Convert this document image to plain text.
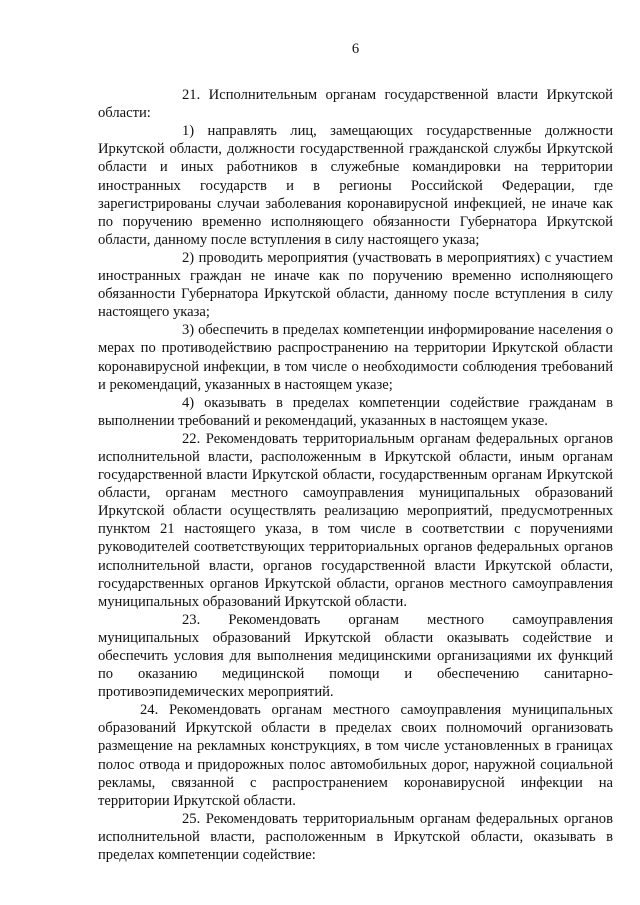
6

21. Исполнительным органам государственной власти Иркутской области:

1) направлять лиц, замещающих государственные должности Иркутской области, должности государственной гражданской службы Иркутской области и иных работников в служебные командировки на территории иностранных государств и в регионы Российской Федерации, где зарегистрированы случаи заболевания коронавирусной инфекцией, не иначе как по поручению временно исполняющего обязанности Губернатора Иркутской области, данному после вступления в силу настоящего указа;

2) проводить мероприятия (участвовать в мероприятиях) с участием иностранных граждан не иначе как по поручению временно исполняющего обязанности Губернатора Иркутской области, данному после вступления в силу настоящего указа;

3) обеспечить в пределах компетенции информирование населения о мерах по противодействию распространению на территории Иркутской области коронавирусной инфекции, в том числе о необходимости соблюдения требований и рекомендаций, указанных в настоящем указе;

4) оказывать в пределах компетенции содействие гражданам в выполнении требований и рекомендаций, указанных в настоящем указе.

22. Рекомендовать территориальным органам федеральных органов исполнительной власти, расположенным в Иркутской области, иным органам государственной власти Иркутской области, государственным органам Иркутской области, органам местного самоуправления муниципальных образований Иркутской области осуществлять реализацию мероприятий, предусмотренных пунктом 21 настоящего указа, в том числе в соответствии с поручениями руководителей соответствующих территориальных органов федеральных органов исполнительной власти, органов государственной власти Иркутской области, государственных органов Иркутской области, органов местного самоуправления муниципальных образований Иркутской области.

23. Рекомендовать органам местного самоуправления муниципальных образований Иркутской области оказывать содействие и обеспечить условия для выполнения медицинскими организациями их функций по оказанию медицинской помощи и обеспечению санитарно-противоэпидемических мероприятий.

24. Рекомендовать органам местного самоуправления муниципальных образований Иркутской области в пределах своих полномочий организовать размещение на рекламных конструкциях, в том числе установленных в границах полос отвода и придорожных полос автомобильных дорог, наружной социальной рекламы, связанной с распространением коронавирусной инфекции на территории Иркутской области.

25. Рекомендовать территориальным органам федеральных органов исполнительной власти, расположенным в Иркутской области, оказывать в пределах компетенции содействие:
